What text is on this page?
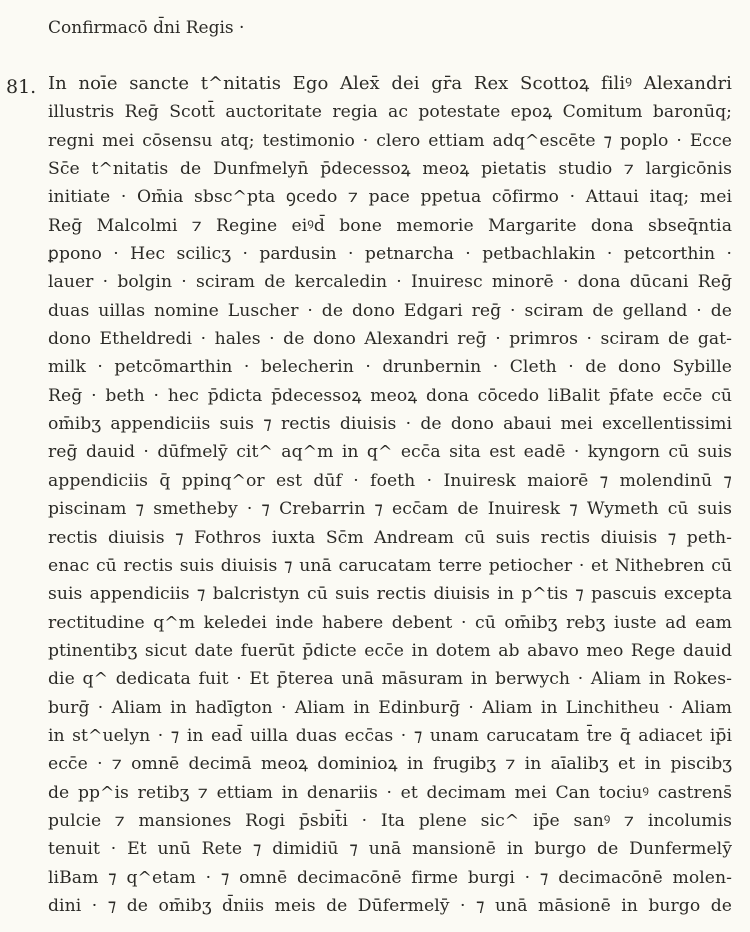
Confirmacō d̄ni Regis ·
81. In noīe sancte t^nitatis Ego Alex̄ dei gr̄a Rex Scottoꝝ filiꝰ Alexandri
illustris Reḡ Scott̄ auctoritate regia ac potestate epoꝝ Comitum baronūq;
regni mei cōsensu atq; testimonio · clero ettiam adq^escēte ⁊ poplo · Ecce
Sc̄e t^nitatis de Dunfmelyn̄ p̄decessoꝝ meoꝝ pietatis studio ⁊ largicōnis
initiate · Om̄ia sbsc^pta ꝯcedo ⁊ pace ppetua cōfirmo · Attaui itaq; mei
Reḡ Malcolmi ⁊ Regine eiꝰd̄ bone memorie Margarite dona sbseq̄ntia
ꝑpono · Hec scilicʒ · pardusin · petnarcha · petbachlakin · petcorthin ·
lauer · bolgin · sciram de kercaledin · Inuiresc minorē · dona dūcani Reḡ
duas uillas nomine Luscher · de dono Edgari reḡ · sciram de gelland · de
dono Etheldredi · hales · de dono Alexandri reḡ · primros · sciram de gat-
milk · petcōmarthin · belecherin · drunbernin · Cleth · de dono Sybille
Reḡ · beth · hec p̄dicta p̄decessoꝝ meoꝝ dona cōcedo liBalit p̄fate ecc̄e cū
om̄ibʒ appendiciis suis ⁊ rectis diuisis · de dono abaui mei excellentissimi
reḡ dauid · dūfmelȳ cit^ aq^m in q^ ecc̄a sita est eadē · kyngorn cū suis
appendiciis q̄ ppinq^or est dūf · foeth · Inuiresk maiorē ⁊ molendinū ⁊
piscinam ⁊ smetheby · ⁊ Crebarrin ⁊ ecc̄am de Inuiresk ⁊ Wymeth cū suis
rectis diuisis ⁊ Fothros iuxta Sc̄m Andream cū suis rectis diuisis ⁊ peth-
enac cū rectis suis diuisis ⁊ unā carucatam terre petiocher · et Nithebren cū
suis appendiciis ⁊ balcristyn cū suis rectis diuisis in p^tis ⁊ pascuis excepta
rectitudine q^m keledei inde habere debent · cū om̄ibʒ rebʒ iuste ad eam
ptinentibʒ sicut date fuerūt p̄dicte ecc̄e in dotem ab abavo meo Rege dauid
die q^ dedicata fuit · Et p̄terea unā māsuram in berwych · Aliam in Rokes-
burḡ · Aliam in hadīgton · Aliam in Edinburḡ · Aliam in Linchitheu · Aliam
in st^uelyn · ⁊ in ead̄ uilla duas ecc̄as · ⁊ unam carucatam t̄re q̄ adiacet ip̄i
ecc̄e · ⁊ omnē decimā meoꝝ dominioꝝ in frugibʒ ⁊ in aīalibʒ et in piscibʒ
de pp^is retibʒ ⁊ ettiam in denariis · et decimam mei Can tociuꝰ castrens̄
pulcie ⁊ mansiones Rogi p̄sbit̄i · Ita plene sic^ ip̄e sanꝰ ⁊ incolumis
tenuit · Et unū Rete ⁊ dimidiū ⁊ unā mansionē in burgo de Dunfermelȳ
liBam ⁊ q^etam · ⁊ omnē decimacōnē firme burgi · ⁊ decimacōnē molen-
dini · ⁊ de om̄ibʒ d̄niis meis de Dūfermelȳ · ⁊ unā māsionē in burgo de
